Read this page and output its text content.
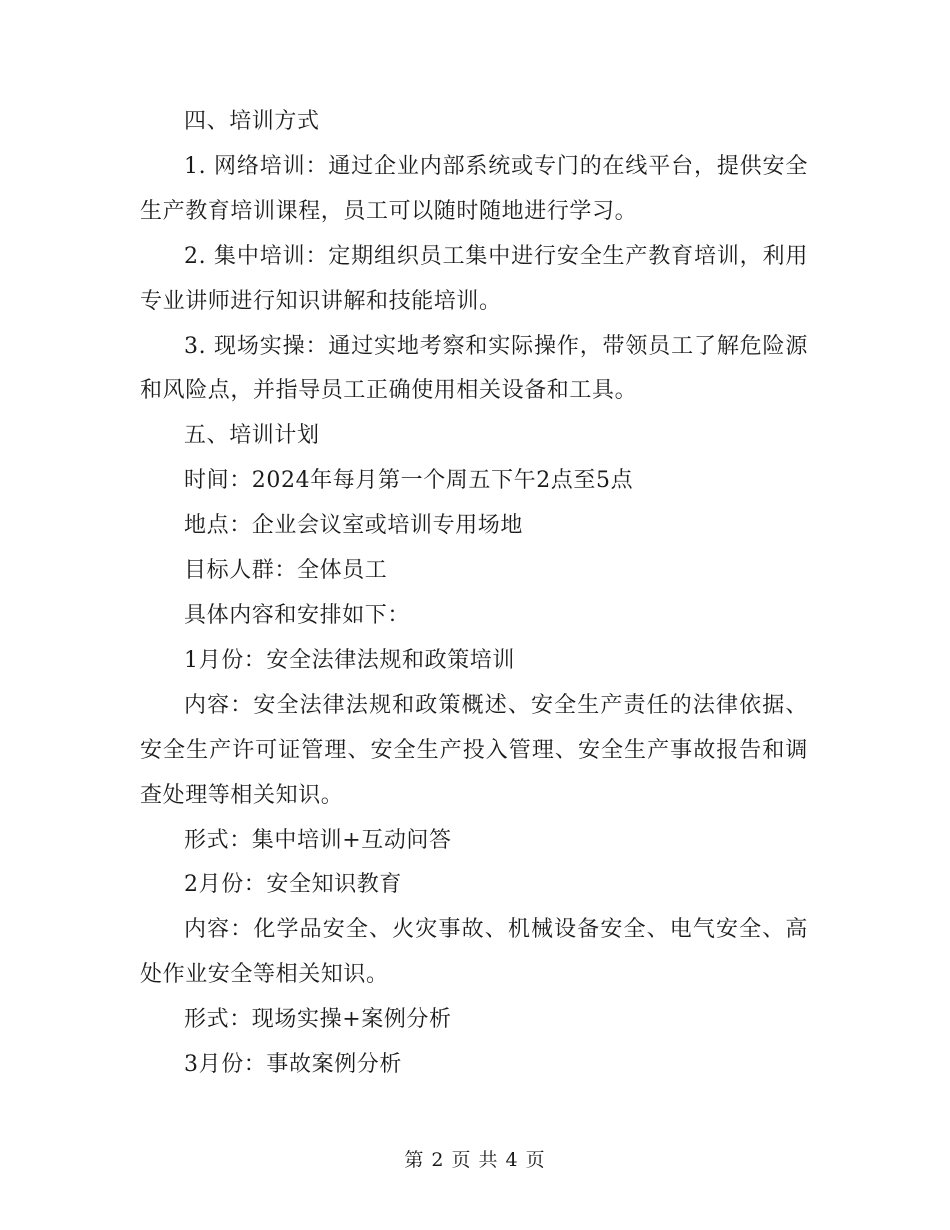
四、培训方式

1. 网络培训：通过企业内部系统或专门的在线平台，提供安全生产教育培训课程，员工可以随时随地进行学习。

2. 集中培训：定期组织员工集中进行安全生产教育培训，利用专业讲师进行知识讲解和技能培训。

3. 现场实操：通过实地考察和实际操作，带领员工了解危险源和风险点，并指导员工正确使用相关设备和工具。

五、培训计划

时间：2024年每月第一个周五下午2点至5点

地点：企业会议室或培训专用场地

目标人群：全体员工

具体内容和安排如下：

1月份：安全法律法规和政策培训

内容：安全法律法规和政策概述、安全生产责任的法律依据、安全生产许可证管理、安全生产投入管理、安全生产事故报告和调查处理等相关知识。

形式：集中培训+互动问答

2月份：安全知识教育

内容：化学品安全、火灾事故、机械设备安全、电气安全、高处作业安全等相关知识。

形式：现场实操+案例分析

3月份：事故案例分析

第 2 页 共 4 页
